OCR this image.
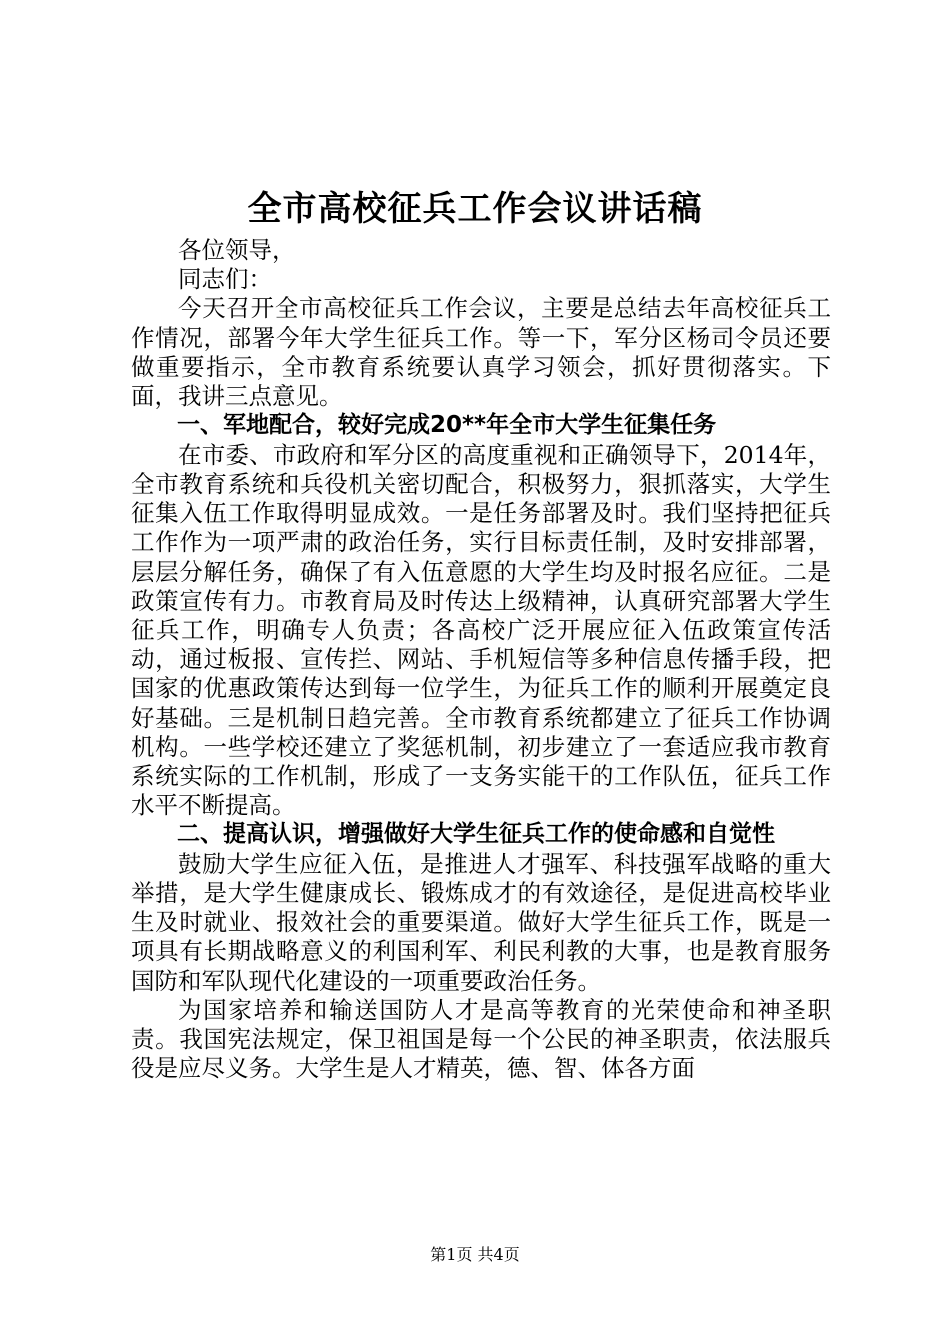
全市高校征兵工作会议讲话稿

各位领导，

同志们：

今天召开全市高校征兵工作会议，主要是总结去年高校征兵工作情况，部署今年大学生征兵工作。等一下，军分区杨司令员还要做重要指示，全市教育系统要认真学习领会，抓好贯彻落实。下面，我讲三点意见。

一、军地配合，较好完成20**年全市大学生征集任务

在市委、市政府和军分区的高度重视和正确领导下，2014年，全市教育系统和兵役机关密切配合，积极努力，狠抓落实，大学生征集入伍工作取得明显成效。一是任务部署及时。我们坚持把征兵工作作为一项严肃的政治任务，实行目标责任制，及时安排部署，层层分解任务，确保了有入伍意愿的大学生均及时报名应征。二是政策宣传有力。市教育局及时传达上级精神，认真研究部署大学生征兵工作，明确专人负责；各高校广泛开展应征入伍政策宣传活动，通过板报、宣传拦、网站、手机短信等多种信息传播手段，把国家的优惠政策传达到每一位学生，为征兵工作的顺利开展奠定良好基础。三是机制日趋完善。全市教育系统都建立了征兵工作协调机构。一些学校还建立了奖惩机制，初步建立了一套适应我市教育系统实际的工作机制，形成了一支务实能干的工作队伍，征兵工作水平不断提高。

二、提高认识，增强做好大学生征兵工作的使命感和自觉性

鼓励大学生应征入伍，是推进人才强军、科技强军战略的重大举措，是大学生健康成长、锻炼成才的有效途径，是促进高校毕业生及时就业、报效社会的重要渠道。做好大学生征兵工作，既是一项具有长期战略意义的利国利军、利民利教的大事，也是教育服务国防和军队现代化建设的一项重要政治任务。

为国家培养和输送国防人才是高等教育的光荣使命和神圣职责。我国宪法规定，保卫祖国是每一个公民的神圣职责，依法服兵役是应尽义务。大学生是人才精英，德、智、体各方面

第1页 共4页
